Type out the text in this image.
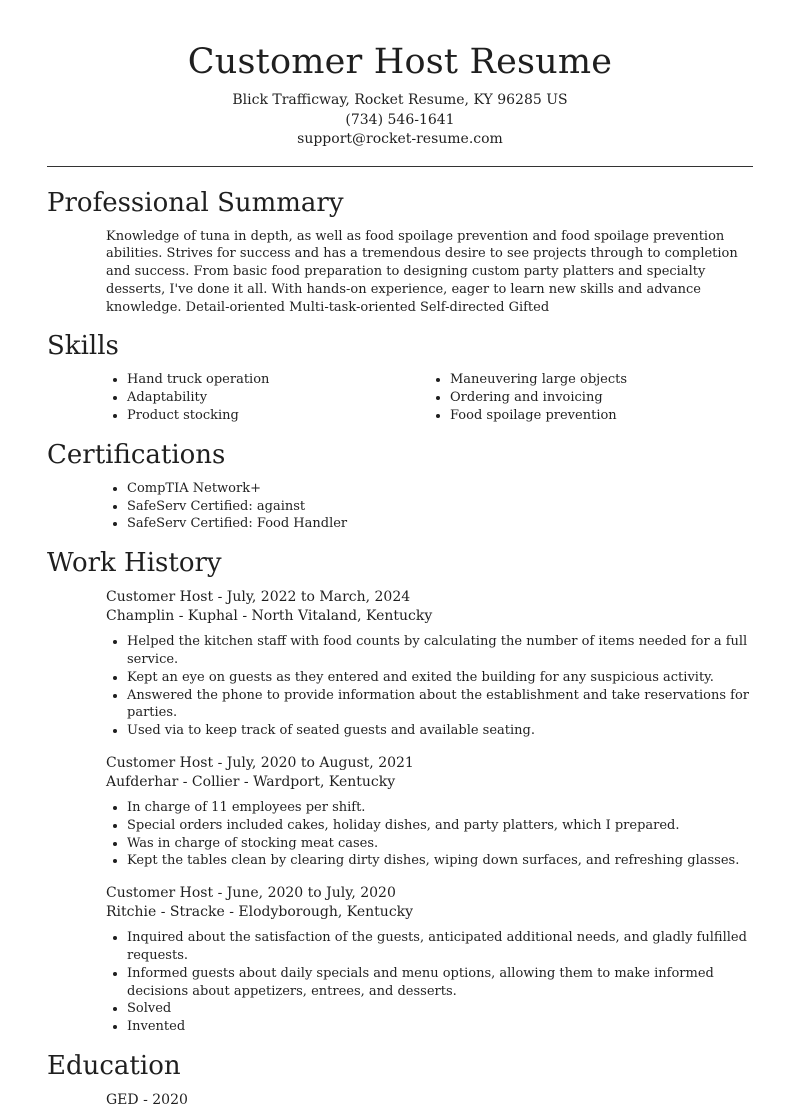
Customer Host Resume
Blick Trafficway, Rocket Resume, KY 96285 US
(734) 546-1641
support@rocket-resume.com
Professional Summary
Knowledge of tuna in depth, as well as food spoilage prevention and food spoilage prevention abilities. Strives for success and has a tremendous desire to see projects through to completion and success. From basic food preparation to designing custom party platters and specialty desserts, I've done it all. With hands-on experience, eager to learn new skills and advance knowledge. Detail-oriented Multi-task-oriented Self-directed Gifted
Skills
• Hand truck operation
• Adaptability
• Product stocking
• Maneuvering large objects
• Ordering and invoicing
• Food spoilage prevention
Certifications
• CompTIA Network+
• SafeServ Certified: against
• SafeServ Certified: Food Handler
Work History
Customer Host - July, 2022 to March, 2024
Champlin - Kuphal - North Vitaland, Kentucky
• Helped the kitchen staff with food counts by calculating the number of items needed for a full service.
• Kept an eye on guests as they entered and exited the building for any suspicious activity.
• Answered the phone to provide information about the establishment and take reservations for parties.
• Used via to keep track of seated guests and available seating.
Customer Host - July, 2020 to August, 2021
Aufderhar - Collier - Wardport, Kentucky
• In charge of 11 employees per shift.
• Special orders included cakes, holiday dishes, and party platters, which I prepared.
• Was in charge of stocking meat cases.
• Kept the tables clean by clearing dirty dishes, wiping down surfaces, and refreshing glasses.
Customer Host - June, 2020 to July, 2020
Ritchie - Stracke - Elodyborough, Kentucky
• Inquired about the satisfaction of the guests, anticipated additional needs, and gladly fulfilled requests.
• Informed guests about daily specials and menu options, allowing them to make informed decisions about appetizers, entrees, and desserts.
• Solved
• Invented
Education
GED - 2020
